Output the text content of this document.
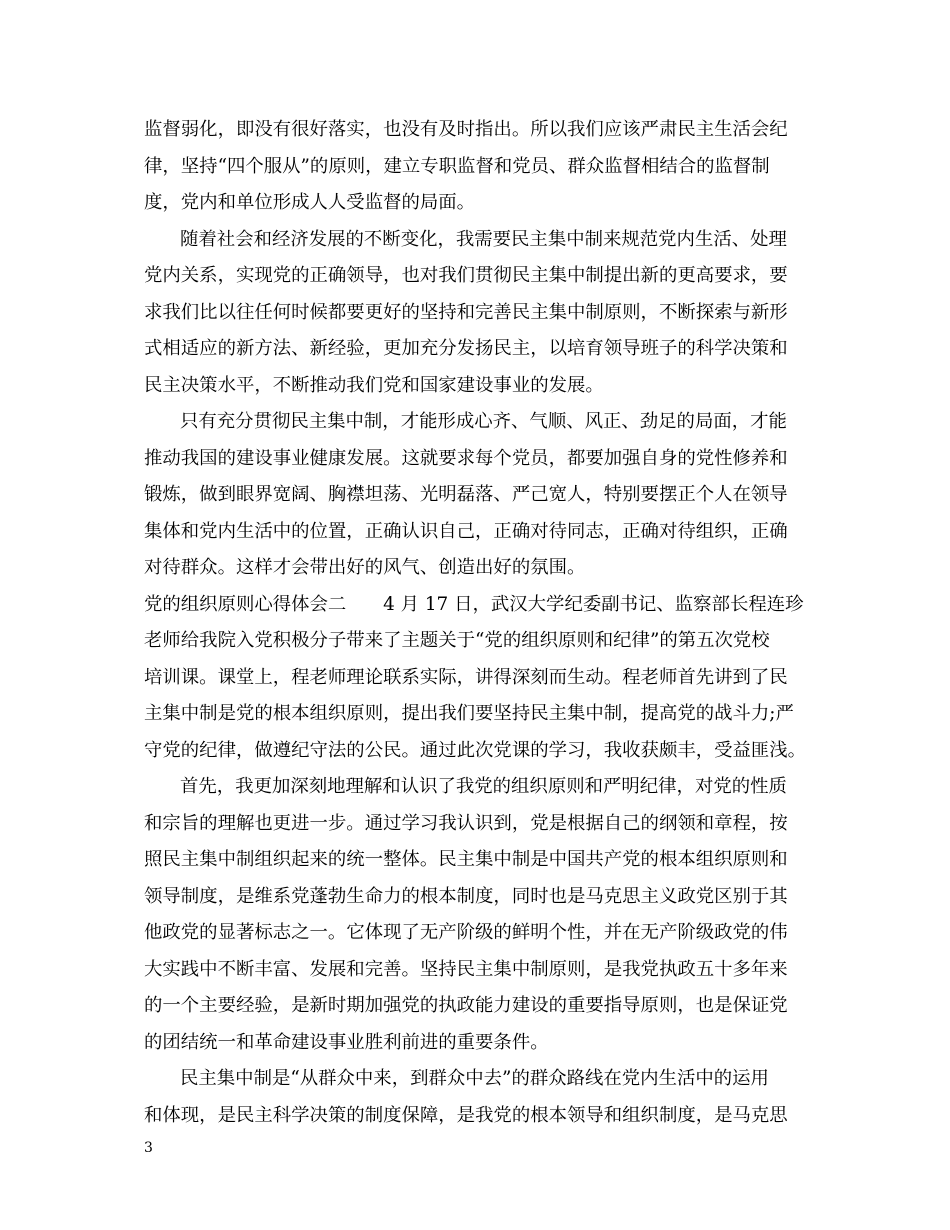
监督弱化，即没有很好落实，也没有及时指出。所以我们应该严肃民主生活会纪
律，坚持“四个服从”的原则，建立专职监督和党员、群众监督相结合的监督制
度，党内和单位形成人人受监督的局面。
随着社会和经济发展的不断变化，我需要民主集中制来规范党内生活、处理
党内关系，实现党的正确领导，也对我们贯彻民主集中制提出新的更高要求，要
求我们比以往任何时候都要更好的坚持和完善民主集中制原则，不断探索与新形
式相适应的新方法、新经验，更加充分发扬民主，以培育领导班子的科学决策和
民主决策水平，不断推动我们党和国家建设事业的发展。
只有充分贯彻民主集中制，才能形成心齐、气顺、风正、劲足的局面，才能
推动我国的建设事业健康发展。这就要求每个党员，都要加强自身的党性修养和
锻炼，做到眼界宽阔、胸襟坦荡、光明磊落、严己宽人，特别要摆正个人在领导
集体和党内生活中的位置，正确认识自己，正确对待同志，正确对待组织，正确
对待群众。这样才会带出好的风气、创造出好的氛围。
党的组织原则心得体会二　　4 月 17 日，武汉大学纪委副书记、监察部长程连珍
老师给我院入党积极分子带来了主题关于“党的组织原则和纪律”的第五次党校
培训课。课堂上，程老师理论联系实际，讲得深刻而生动。程老师首先讲到了民
主集中制是党的根本组织原则，提出我们要坚持民主集中制，提高党的战斗力;严
守党的纪律，做遵纪守法的公民。通过此次党课的学习，我收获颇丰，受益匪浅。
首先，我更加深刻地理解和认识了我党的组织原则和严明纪律，对党的性质
和宗旨的理解也更进一步。通过学习我认识到，党是根据自己的纲领和章程，按
照民主集中制组织起来的统一整体。民主集中制是中国共产党的根本组织原则和
领导制度，是维系党蓬勃生命力的根本制度，同时也是马克思主义政党区别于其
他政党的显著标志之一。它体现了无产阶级的鲜明个性，并在无产阶级政党的伟
大实践中不断丰富、发展和完善。坚持民主集中制原则，是我党执政五十多年来
的一个主要经验，是新时期加强党的执政能力建设的重要指导原则，也是保证党
的团结统一和革命建设事业胜利前进的重要条件。
民主集中制是“从群众中来，到群众中去”的群众路线在党内生活中的运用
和体现，是民主科学决策的制度保障，是我党的根本领导和组织制度，是马克思
3
